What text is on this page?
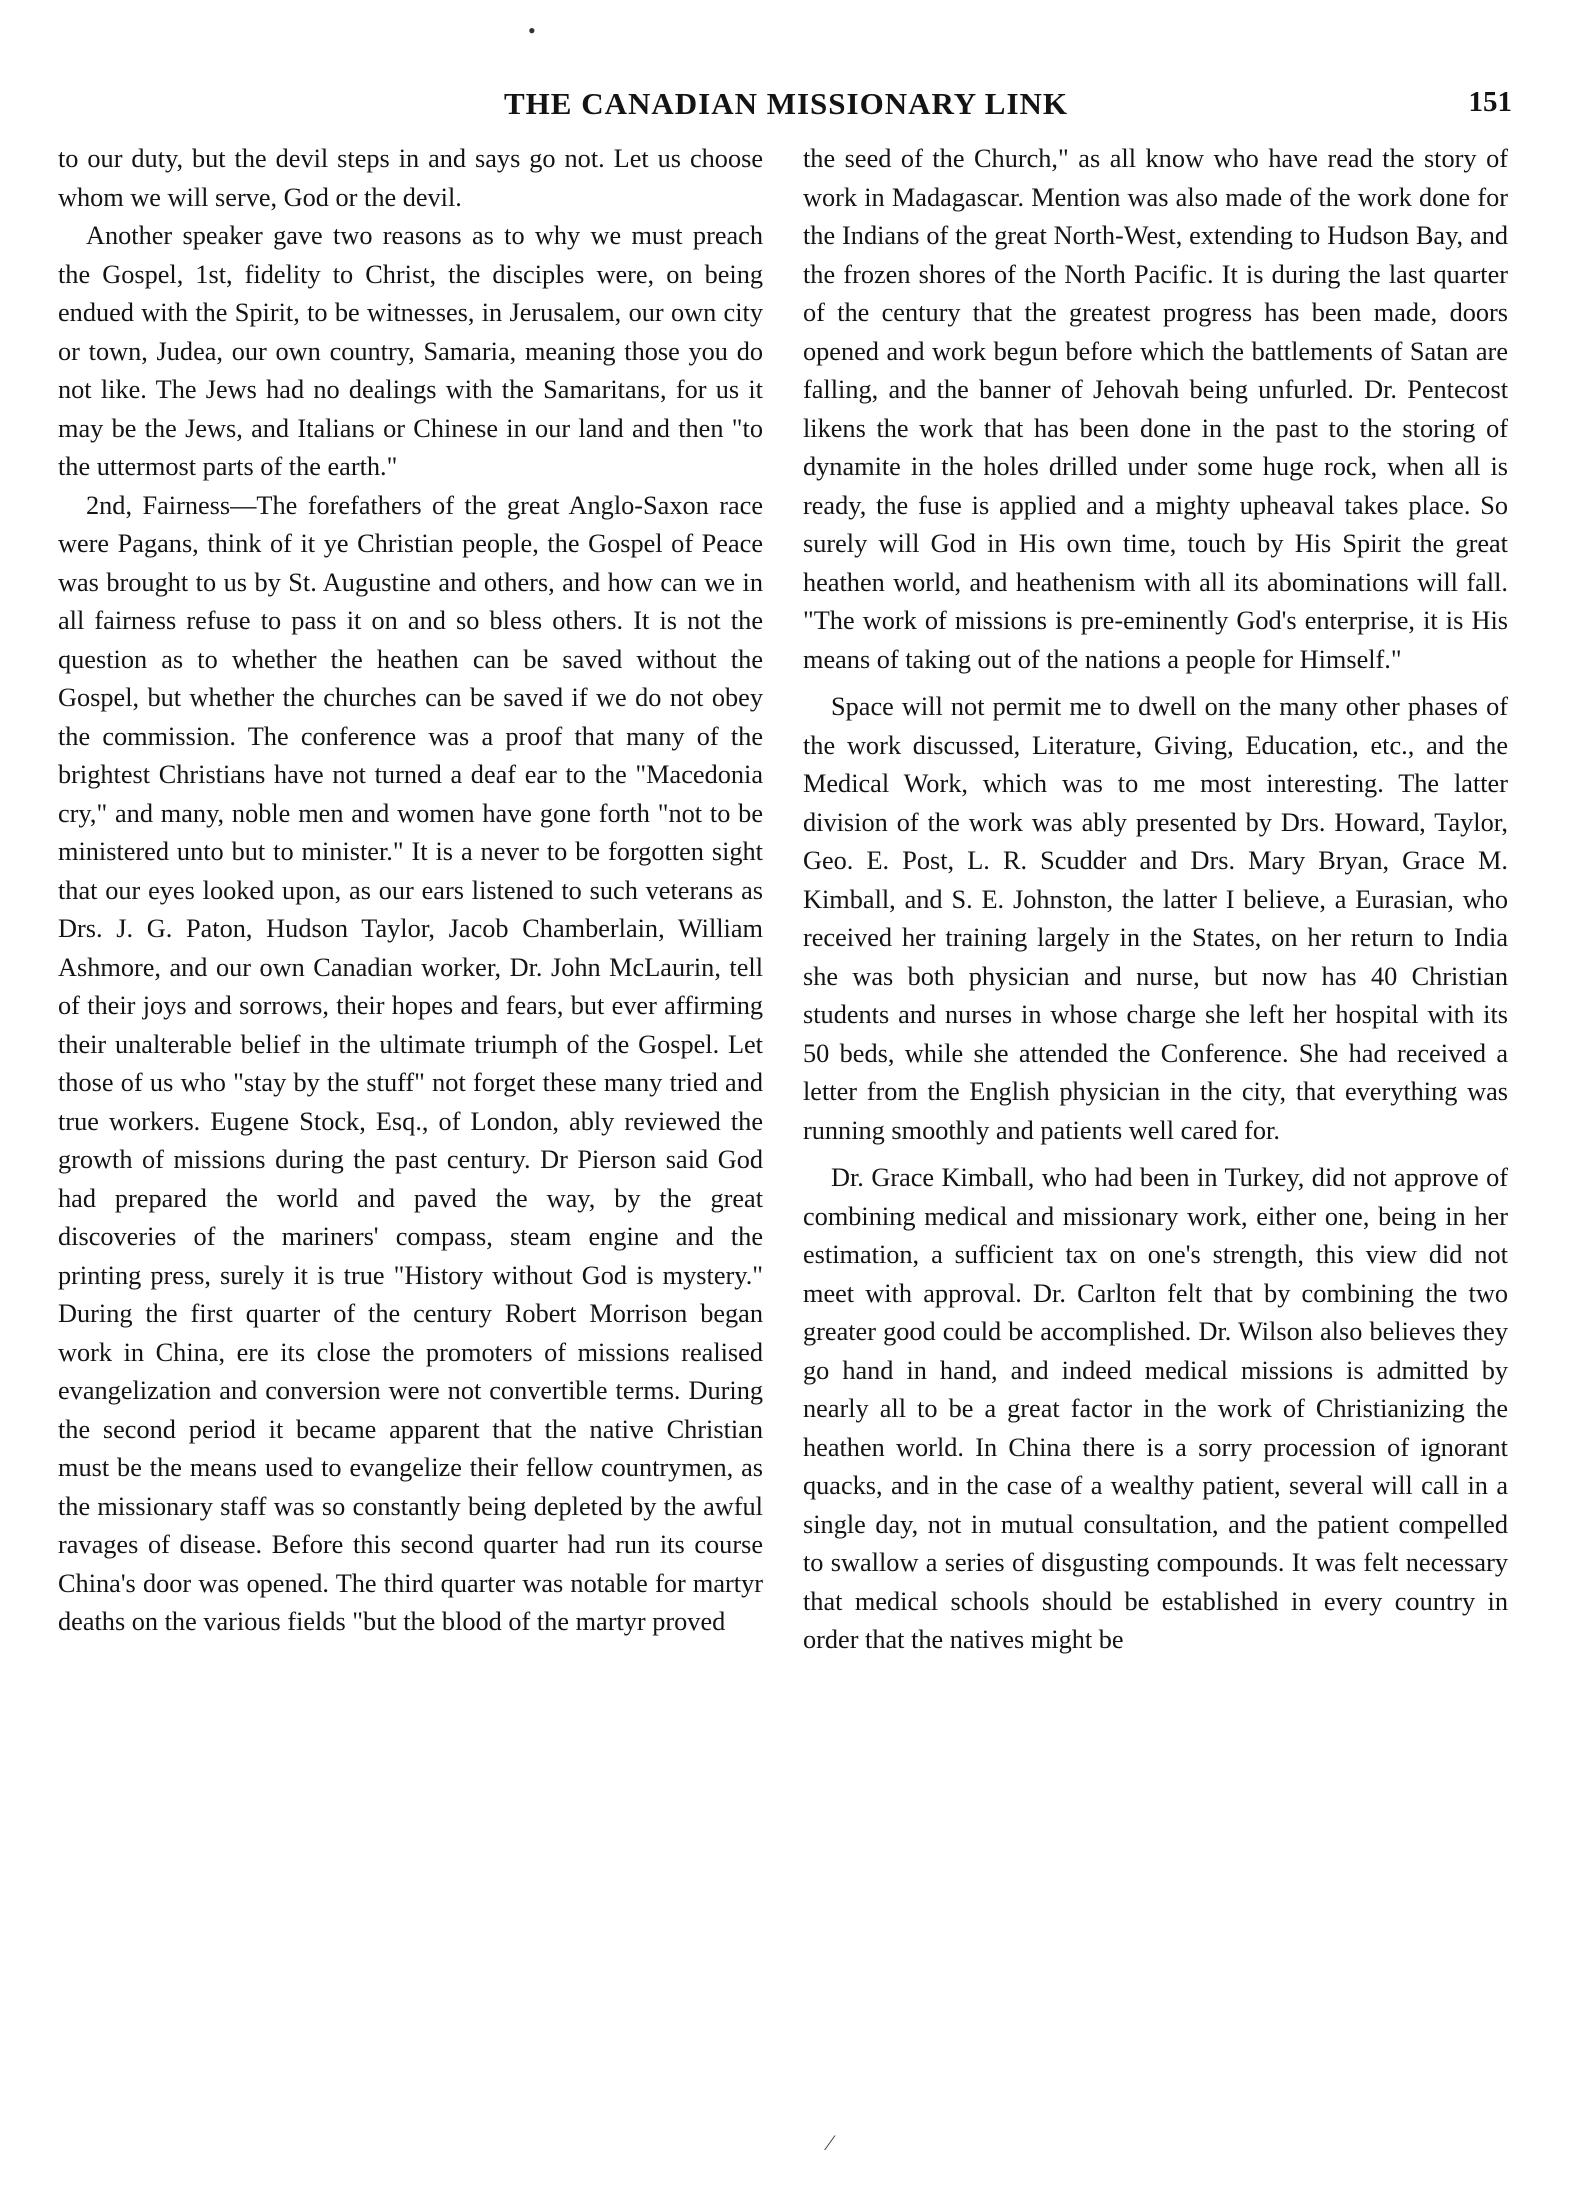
•
⁄
THE CANADIAN MISSIONARY LINK	151

to our duty, but the devil steps in and says go not. Let us choose whom we will serve, God or the devil.

Another speaker gave two reasons as to why we must preach the Gospel, 1st, fidelity to Christ, the disciples were, on being endued with the Spirit, to be witnesses, in Jerusalem, our own city or town, Judea, our own country, Samaria, meaning those you do not like. The Jews had no dealings with the Samaritans, for us it may be the Jews, and Italians or Chinese in our land and then "to the uttermost parts of the earth."

2nd, Fairness—The forefathers of the great Anglo-Saxon race were Pagans, think of it ye Christian people, the Gospel of Peace was brought to us by St. Augustine and others, and how can we in all fairness refuse to pass it on and so bless others. It is not the question as to whether the heathen can be saved without the Gospel, but whether the churches can be saved if we do not obey the commission. The conference was a proof that many of the brightest Christians have not turned a deaf ear to the "Macedonia cry," and many, noble men and women have gone forth "not to be ministered unto but to minister." It is a never to be forgotten sight that our eyes looked upon, as our ears listened to such veterans as Drs. J. G. Paton, Hudson Taylor, Jacob Chamberlain, William Ashmore, and our own Canadian worker, Dr. John McLaurin, tell of their joys and sorrows, their hopes and fears, but ever affirming their unalterable belief in the ultimate triumph of the Gospel. Let those of us who "stay by the stuff" not forget these many tried and true workers. Eugene Stock, Esq., of London, ably reviewed the growth of missions during the past century. Dr Pierson said God had prepared the world and paved the way, by the great discoveries of the mariners' compass, steam engine and the printing press, surely it is true "History without God is mystery." During the first quarter of the century Robert Morrison began work in China, ere its close the promoters of missions realised evangelization and conversion were not convertible terms. During the second period it became apparent that the native Christian must be the means used to evangelize their fellow countrymen, as the missionary staff was so constantly being depleted by the awful ravages of disease. Before this second quarter had run its course China's door was opened. The third quarter was notable for martyr deaths on the various fields "but the blood of the martyr proved

the seed of the Church," as all know who have read the story of work in Madagascar. Mention was also made of the work done for the Indians of the great North-West, extending to Hudson Bay, and the frozen shores of the North Pacific. It is during the last quarter of the century that the greatest progress has been made, doors opened and work begun before which the battlements of Satan are falling, and the banner of Jehovah being unfurled. Dr. Pentecost likens the work that has been done in the past to the storing of dynamite in the holes drilled under some huge rock, when all is ready, the fuse is applied and a mighty upheaval takes place. So surely will God in His own time, touch by His Spirit the great heathen world, and heathenism with all its abominations will fall. "The work of missions is pre-eminently God's enterprise, it is His means of taking out of the nations a people for Himself."

Space will not permit me to dwell on the many other phases of the work discussed, Literature, Giving, Education, etc., and the Medical Work, which was to me most interesting. The latter division of the work was ably presented by Drs. Howard, Taylor, Geo. E. Post, L. R. Scudder and Drs. Mary Bryan, Grace M. Kimball, and S. E. Johnston, the latter I believe, a Eurasian, who received her training largely in the States, on her return to India she was both physician and nurse, but now has 40 Christian students and nurses in whose charge she left her hospital with its 50 beds, while she attended the Conference. She had received a letter from the English physician in the city, that everything was running smoothly and patients well cared for.

Dr. Grace Kimball, who had been in Turkey, did not approve of combining medical and missionary work, either one, being in her estimation, a sufficient tax on one's strength, this view did not meet with approval. Dr. Carlton felt that by combining the two greater good could be accomplished. Dr. Wilson also believes they go hand in hand, and indeed medical missions is admitted by nearly all to be a great factor in the work of Christianizing the heathen world. In China there is a sorry procession of ignorant quacks, and in the case of a wealthy patient, several will call in a single day, not in mutual consultation, and the patient compelled to swallow a series of disgusting compounds. It was felt necessary that medical schools should be established in every country in order that the natives might be
